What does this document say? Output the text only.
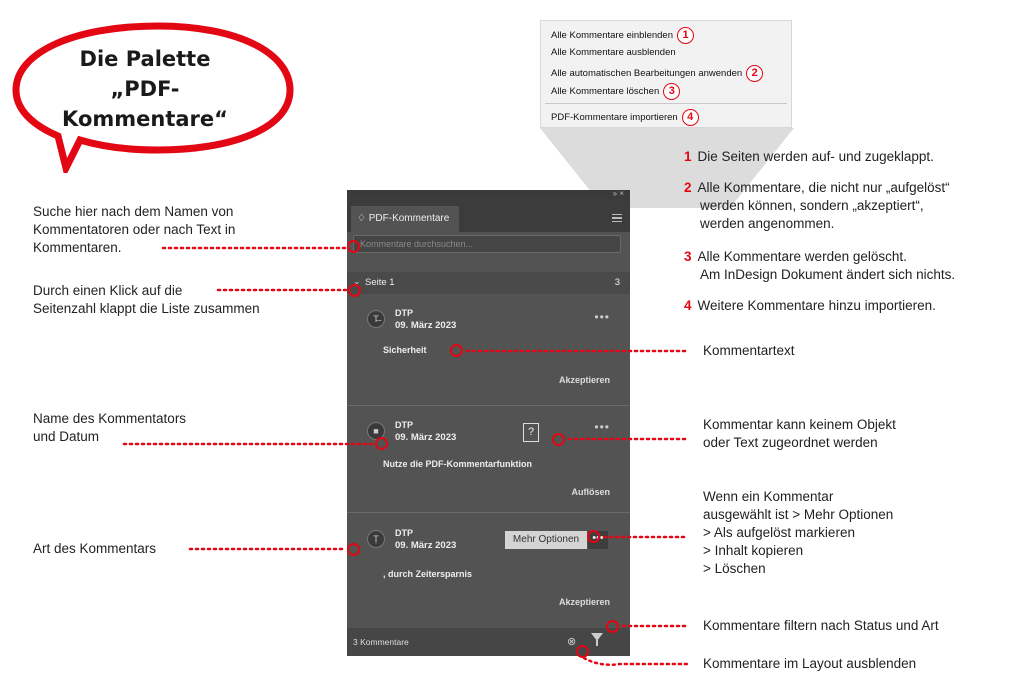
Die Palette
„PDF-Kommentare“
Alle Kommentare einblenden 1
Alle Kommentare ausblenden
Alle automatischen Bearbeitungen anwenden 2
Alle Kommentare löschen 3
PDF-Kommentare importieren 4
1 Die Seiten werden auf- und zugeklappt.
2 Alle Kommentare, die nicht nur „aufgelöst“
werden können, sondern „akzeptiert“,
werden angenommen.
3 Alle Kommentare werden gelöscht.
Am InDesign Dokument ändert sich nichts.
4 Weitere Kommentare hinzu importieren.
» ×
♢ PDF-Kommentare
Kommentare durchsuchen...
⌄ Seite 1	3
T̶
DTP
09. März 2023
•••
Sicherheit
Akzeptieren
■
DTP
09. März 2023
•••
Nutze die PDF-Kommentarfunktion
Auflösen
?
Ṭ
DTP
09. März 2023
, durch Zeitersparnis
Akzeptieren
Mehr Optionen	•••
3 Kommentare	⊗
Suche hier nach dem Namen von
Kommentatoren oder nach Text in
Kommentaren.
Durch einen Klick auf die
Seitenzahl klappt die Liste zusammen
Name des Kommentators
und Datum
Art des Kommentars
Kommentartext
Kommentar kann keinem Objekt
oder Text zugeordnet werden
Wenn ein Kommentar
ausgewählt ist > Mehr Optionen
> Als aufgelöst markieren
> Inhalt kopieren
> Löschen
Kommentare filtern nach Status und Art
Kommentare im Layout ausblenden
